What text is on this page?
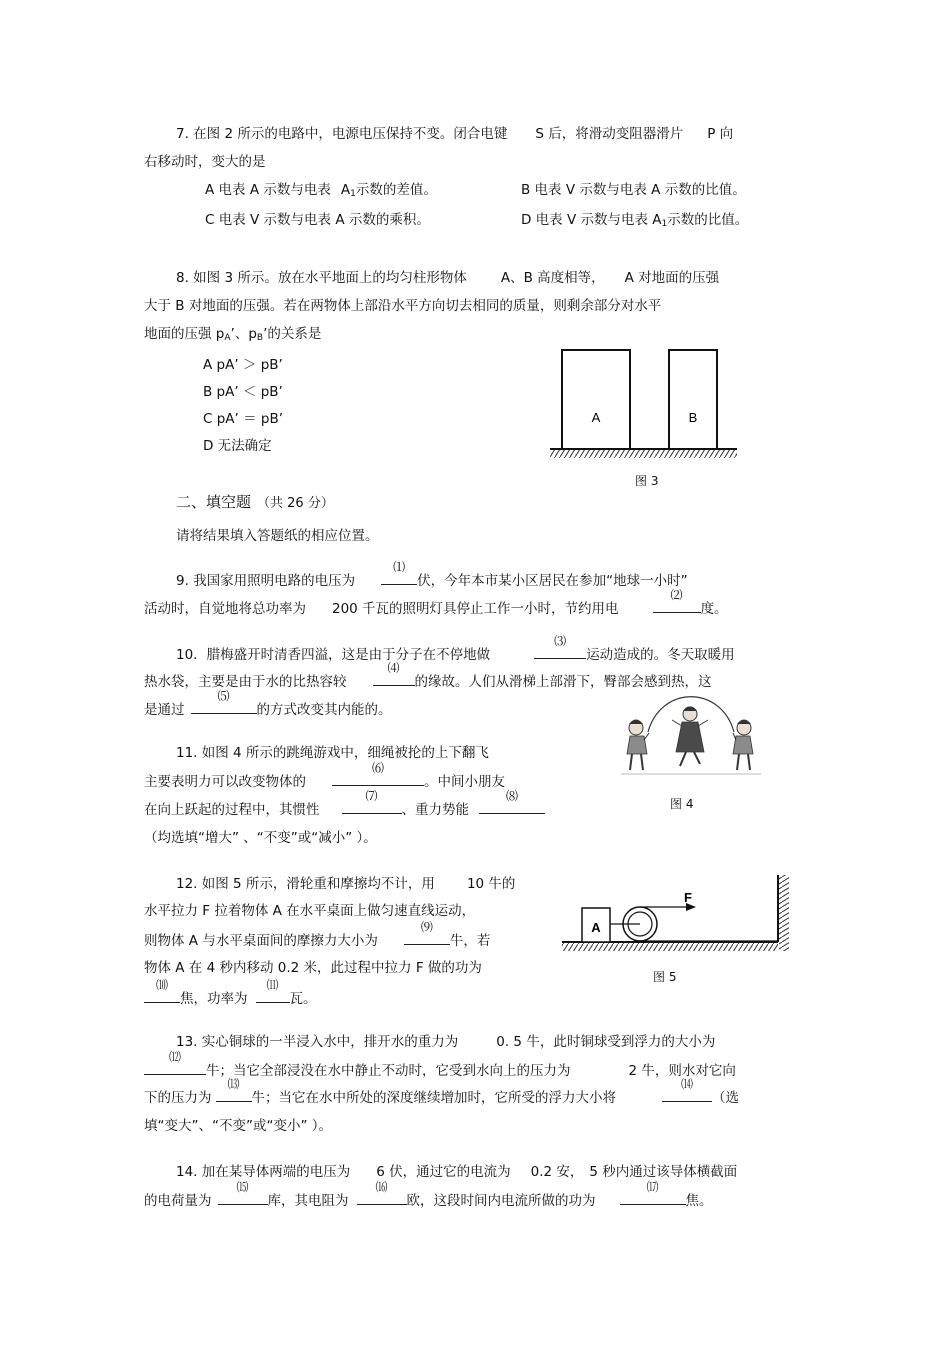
7. 在图 2 所示的电路中，电源电压保持不变。闭合电键 S 后，将滑动变阻器滑片 P 向
右移动时，变大的是
A 电表 A 示数与电表 $A_1$示数的差值。	B 电表 V 示数与电表 A 示数的比值。
C 电表 V 示数与电表 A 示数的乘积。	D 电表 V 示数与电表 $A_1$示数的比值。
8. 如图 3 所示。放在水平地面上的均匀柱形物体	A、B 高度相等， A 对地面的压强
大于 B 对地面的压强。若在两物体上部沿水平方向切去相同的质量，则剩余部分对水平
地面的压强 $p_A$’、$p_B$’的关系是
A pA’ ＞ pB’
B pA’ ＜ pB’
C pA’ ＝ pB’
D 无法确定
A	B
图 3
二、填空题 （共 26 分）
请将结果填入答题纸的相应位置。
9. 我国家用照明电路的电压为
⑴
伏，今年本市某小区居民在参加“地球一小时”
活动时，自觉地将总功率为 200 千瓦的照明灯具停止工作一小时，节约用电
⑵
度。
10．腊梅盛开时清香四溢，这是由于分子在不停地做
⑶
运动造成的。冬天取暖用
热水袋，主要是由于水的比热容较
⑷
的缘故。人们从滑梯上部滑下，臀部会感到热，这
是通过
⑸
的方式改变其内能的。
11. 如图 4 所示的跳绳游戏中，细绳被抡的上下翻飞
主要表明力可以改变物体的
⑹
。中间小朋友
在向上跃起的过程中，其惯性
⑺
、重力势能
⑻
（均选填“增大” 、“不变”或“减小” ）。
图 4
12. 如图 5 所示，滑轮重和摩擦均不计，用 10 牛的
水平拉力 F 拉着物体 A 在水平桌面上做匀速直线运动，
则物体 A 与水平桌面间的摩擦力大小为
⑼
牛，若
物体 A 在 4 秒内移动 0.2 米，此过程中拉力 F 做的功为
⑽
焦，功率为
⑾
瓦。
A
F
图 5
13. 实心铜球的一半浸入水中，排开水的重力为	0. 5 牛，此时铜球受到浮力的大小为
⑿
牛；当它全部浸没在水中静止不动时，它受到水向上的压力为	2 牛，则水对它向
下的压力为
⒀
牛；当它在水中所处的深度继续增加时，它所受的浮力大小将
⒁
（选
填“变大”、“不变”或“变小” ）。
14. 加在某导体两端的电压为 6 伏，通过它的电流为 0.2 安， 5 秒内通过该导体横截面
的电荷量为
⒂
库，其电阻为
⒃
欧，这段时间内电流所做的功为
⒄
焦。
